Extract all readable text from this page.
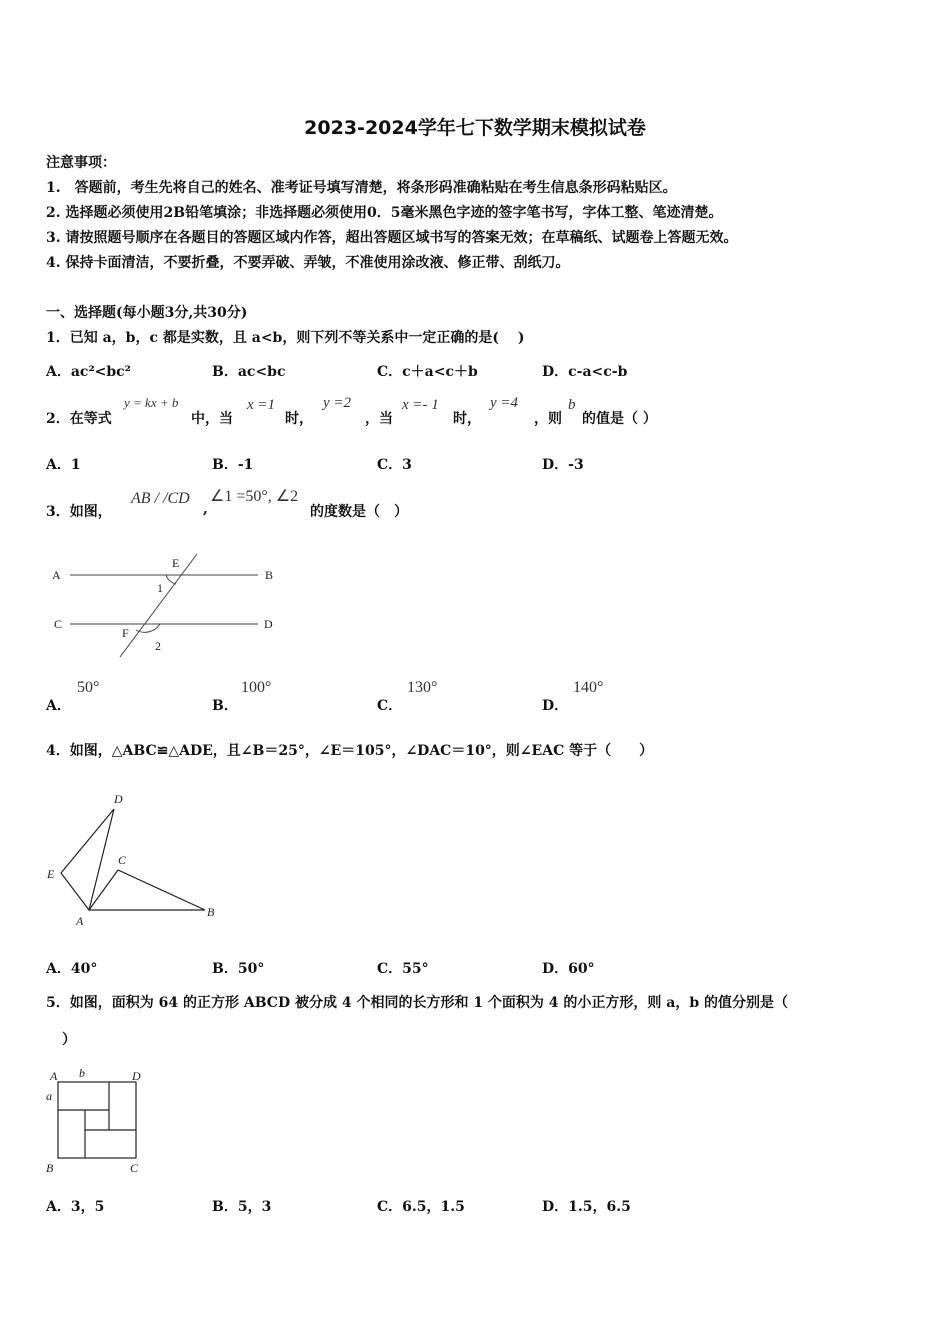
2023-2024学年七下数学期末模拟试卷
注意事项：
1.　答题前，考生先将自己的姓名、准考证号填写清楚，将条形码准确粘贴在考生信息条形码粘贴区。
2. 选择题必须使用2B铅笔填涂；非选择题必须使用0．5毫米黑色字迹的签字笔书写，字体工整、笔迹清楚。
3. 请按照题号顺序在各题目的答题区域内作答，超出答题区域书写的答案无效；在草稿纸、试题卷上答题无效。
4. 保持卡面清洁，不要折叠，不要弄破、弄皱，不准使用涂改液、修正带、刮纸刀。
一、选择题(每小题3分,共30分)
1．已知 a，b，c 都是实数，且 a<b，则下列不等关系中一定正确的是(　 )
A．ac²<bc²	B．ac<bc	C．c＋a<c＋b	D．c-a<c-b
2．在等式
y = kx + b
中，当
x =1
时，
y =2
，当
x =- 1
时，
y =4
，则
b
的值是（ ）
A．1	B．-1	C．3	D．-3
3．如图，
AB / /CD
,
∠1 =50°, ∠2
的度数是（　）
A	B
E
C	D
1
F
2
D
E
C
A
B
A b	D
a
B	C
A．
50°
B．
100°
C．
130°
D．
140°
4．如图，△ABC≌△ADE，且∠B＝25°，∠E＝105°，∠DAC＝10°，则∠EAC 等于（　　）
A．40°	B．50°	C．55°	D．60°
5．如图，面积为 64 的正方形 ABCD 被分成 4 个相同的长方形和 1 个面积为 4 的小正方形，则 a，b 的值分别是（
）
A．3，5	B．5，3	C．6.5，1.5	D．1.5，6.5
